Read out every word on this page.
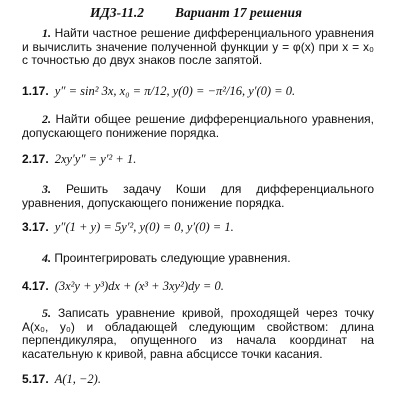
ИДЗ-11.2 Вариант 17 решения
1. Найти частное решение дифференциального уравнения и вычислить значение полученной функции y = φ(x) при x = x₀ с точностью до двух знаков после запятой.
1.17. y″ = sin² 3x, x₀ = π/12, y(0) = −π²/16, y′(0) = 0.
2. Найти общее решение дифференциального уравнения, допускающего понижение порядка.
2.17. 2xy′y″ = y′² + 1.
3. Решить задачу Коши для дифференциального уравнения, допускающего понижение порядка.
3.17. y″(1 + y) = 5y′², y(0) = 0, y′(0) = 1.
4. Проинтегрировать следующие уравнения.
4.17. (3x²y + y³)dx + (x³ + 3xy²)dy = 0.
5. Записать уравнение кривой, проходящей через точку A(x₀, y₀) и обладающей следующим свойством: длина перпендикуляра, опущенного из начала координат на касательную к кривой, равна абсциссе точки касания.
5.17. A(1, −2).
